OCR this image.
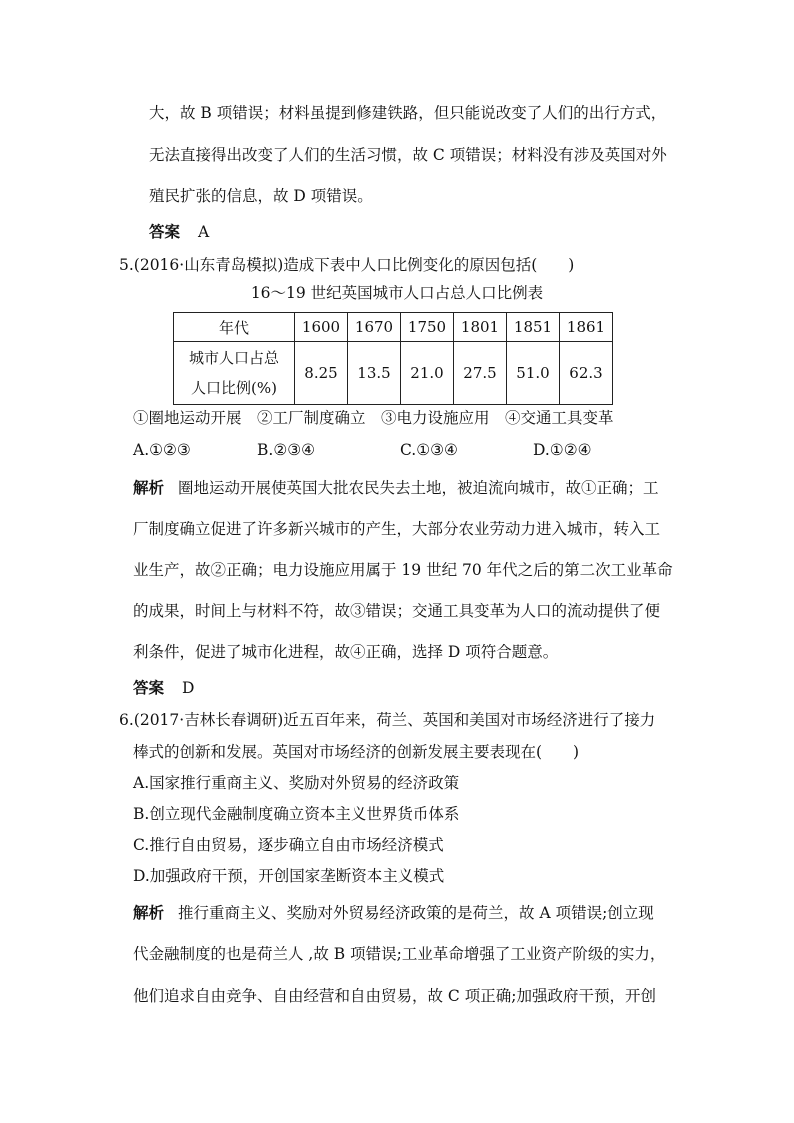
大，故 B 项错误；材料虽提到修建铁路，但只能说改变了人们的出行方式，
无法直接得出改变了人们的生活习惯，故 C 项错误；材料没有涉及英国对外
殖民扩张的信息，故 D 项错误。
答案 A
5.(2016·山东青岛模拟)造成下表中人口比例变化的原因包括(　　)
16～19 世纪英国城市人口占总人口比例表
年代	1600	1670	1750	1801	1851	1861

城市人口占总
人口比例(%)	8.25	13.5	21.0	27.5	51.0	62.3
①圈地运动开展　②工厂制度确立　③电力设施应用　④交通工具变革
A.①②③	B.②③④	C.①③④	D.①②④
解析 圈地运动开展使英国大批农民失去土地，被迫流向城市，故①正确；工
厂制度确立促进了许多新兴城市的产生，大部分农业劳动力进入城市，转入工
业生产，故②正确；电力设施应用属于 19 世纪 70 年代之后的第二次工业革命
的成果，时间上与材料不符，故③错误；交通工具变革为人口的流动提供了便
利条件，促进了城市化进程，故④正确，选择 D 项符合题意。
答案 D
6.(2017·吉林长春调研)近五百年来，荷兰、英国和美国对市场经济进行了接力
棒式的创新和发展。英国对市场经济的创新发展主要表现在(　　)
A.国家推行重商主义、奖励对外贸易的经济政策
B.创立现代金融制度确立资本主义世界货币体系
C.推行自由贸易，逐步确立自由市场经济模式
D.加强政府干预，开创国家垄断资本主义模式
解析 推行重商主义、奖励对外贸易经济政策的是荷兰，故 A 项错误;创立现
代金融制度的也是荷兰人 ,故 B 项错误;工业革命增强了工业资产阶级的实力，
他们追求自由竞争、自由经营和自由贸易，故 C 项正确;加强政府干预，开创
